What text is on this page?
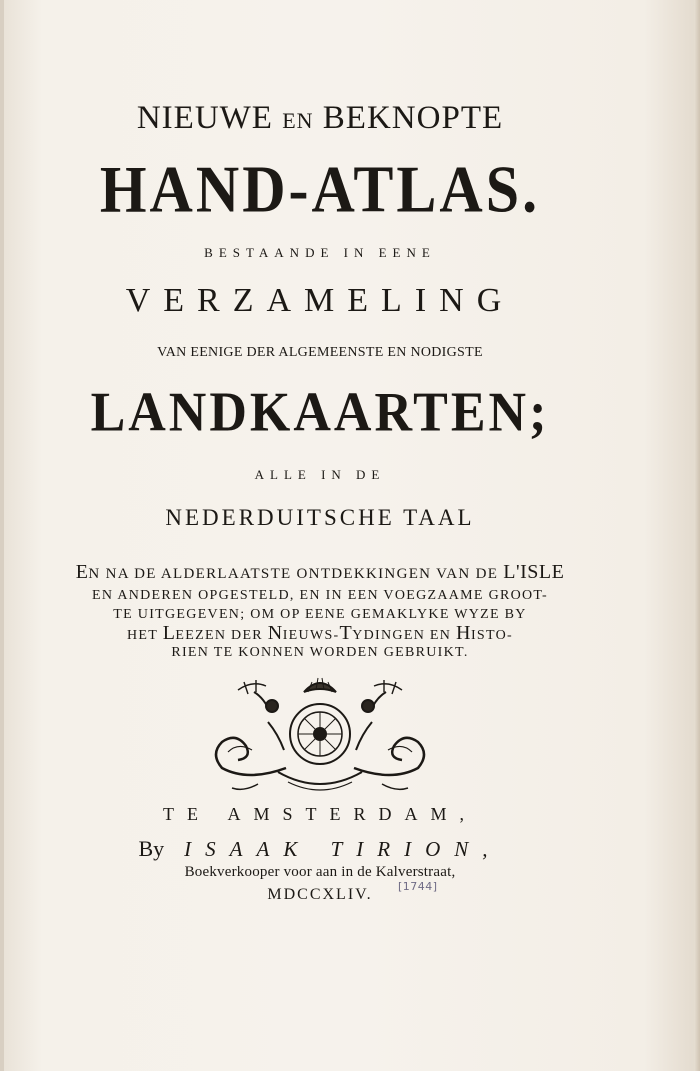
NIEUWE EN BEKNOPTE
HAND-ATLAS.
BESTAANDE IN EENE
VERZAMELING
VAN EENIGE DER ALGEMEENSTE EN NODIGSTE
LANDKAARTEN;
ALLE IN DE
NEDERDUITSCHE TAAL
EN NA DE ALDERLAATSTE ONTDEKKINGEN VAN DE L'ISLE
EN ANDEREN OPGESTELD, EN IN EEN VOEGZAAME GROOT-
TE UITGEGEVEN; OM OP EENE GEMAKLYKE WYZE BY
HET LEEZEN DER NIEUWS-TYDINGEN EN HISTO-
RIEN TE KONNEN WORDEN GEBRUIKT.
TE AMSTERDAM,
By ISAAK TIRION,
Boekverkooper voor aan in de Kalverstraat,
MDCCXLIV.	[1744]
